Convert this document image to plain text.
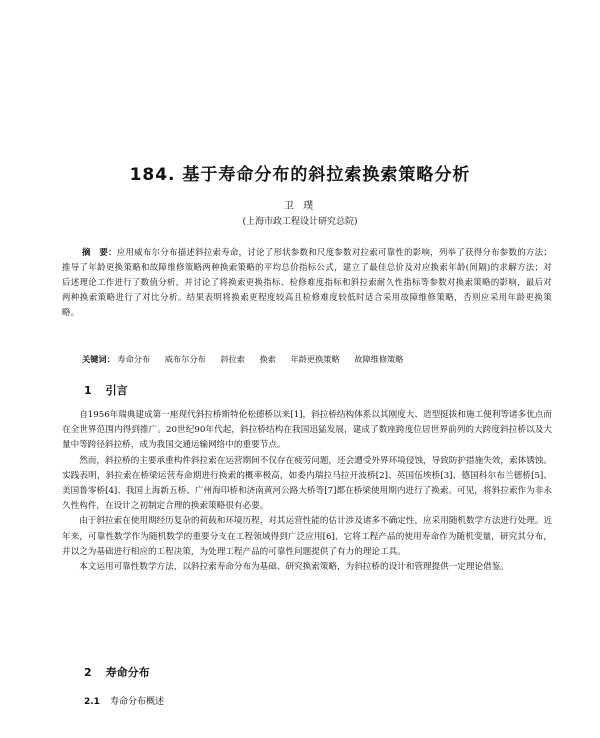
184. 基于寿命分布的斜拉索换索策略分析
卫 璞
(上海市政工程设计研究总院)
摘　要：应用威布尔分布描述斜拉索寿命，讨论了形状参数和尺度参数对拉索可靠性的影响，列举了获得分布参数的方法；推导了年龄更换策略和故障维修策略两种换索策略的平均总价指标公式，建立了最佳总价及对应换索年龄(间隔)的求解方法；对后述理论工作进行了数值分析，并讨论了将换索更换指标、检修难度指标和斜拉索耐久性指标等参数对换索策略的影响，最后对两种换索策略进行了对比分析。结果表明将换索更程度较高且检修难度较低时适合采用故障维修策略，否则应采用年龄更换策略。
关键词： 寿命分布 威布尔分布 斜拉索 换索 年龄更换策略 故障维修策略
1 引言

自1956年瑞典建成第一座现代斜拉桥斯特伦松德桥以来[1]，斜拉桥结构体系以其刚度大、造型挺拔和施工便利等诸多优点而在全世界范围内得到推广。20世纪90年代起，斜拉桥结构在我国迅猛发展，建成了数座跨度位居世界前列的大跨度斜拉桥以及大量中等跨径斜拉桥，成为我国交通运输网络中的重要节点。

然而，斜拉桥的主要承重构件斜拉索在运营期间不仅存在疲劳问题，还会遭受外界环境侵蚀，导致防护措施失效，索体锈蚀。实践表明，斜拉索在桥梁运营寿命期进行换索的概率极高，如委内瑞拉马拉开波桥[2]、英国伍埃桥[3]、德国科尔布兰德桥[5]、美国鲁零桥[4]、我国上海新五桥、广州海印桥和济南黄河公路大桥等[7]都在桥梁使用期内进行了换索。可见，将斜拉索作为非永久性构件，在设计之初制定合理的换索策略很有必要。

由于斜拉索在使用期经历复杂的荷载和环境历程，对其运营性能的估计涉及诸多不确定性，应采用随机数学方法进行处理。近年来，可靠性数学作为随机数学的重要分支在工程领域得到广泛应用[6]，它将工程产品的使用寿命作为随机变量，研究其分布，并以之为基础进行相应的工程决策，为处理工程产品的可靠性问题提供了有力的理论工具。

本文运用可靠性数学方法，以斜拉索寿命分布为基础、研究换索策略，为斜拉桥的设计和管理提供一定理论借鉴。

2 寿命分布
2.1 寿命分布概述
